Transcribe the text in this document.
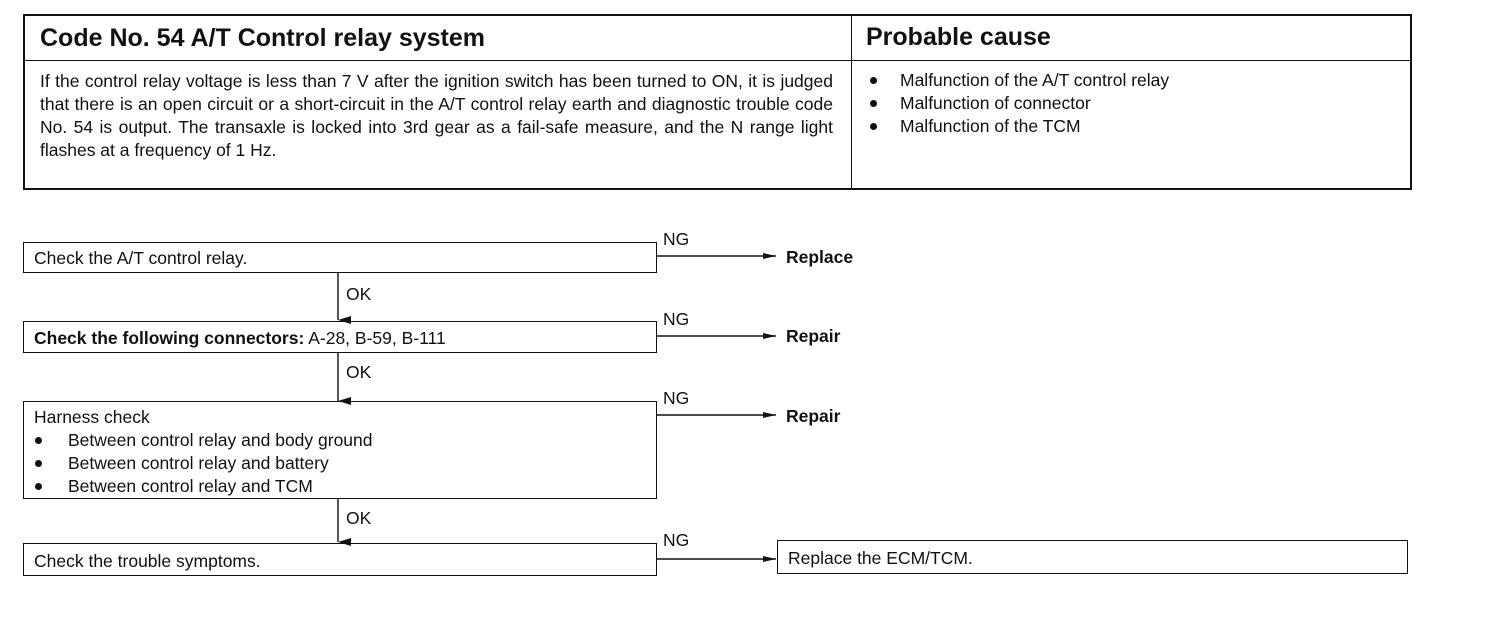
Code No. 54 A/T Control relay system	Probable cause

If the control relay voltage is less than 7 V after the ignition switch has been turned to ON, it is judged that there is an open circuit or a short-circuit in the A/T control relay earth and diagnostic trouble code No. 54 is output. The transaxle is locked into 3rd gear as a fail-safe measure, and the N range light flashes at a frequency of 1 Hz.

Malfunction of the A/T control relay
Malfunction of connector
Malfunction of the TCM
Check the A/T control relay.
NG
Replace
OK
Check the following connectors: A-28, B-59, B-111
NG
Repair
OK
Harness check
Between control relay and body ground
Between control relay and battery
Between control relay and TCM
NG
Repair
OK
Check the trouble symptoms.
NG
Replace the ECM/TCM.
